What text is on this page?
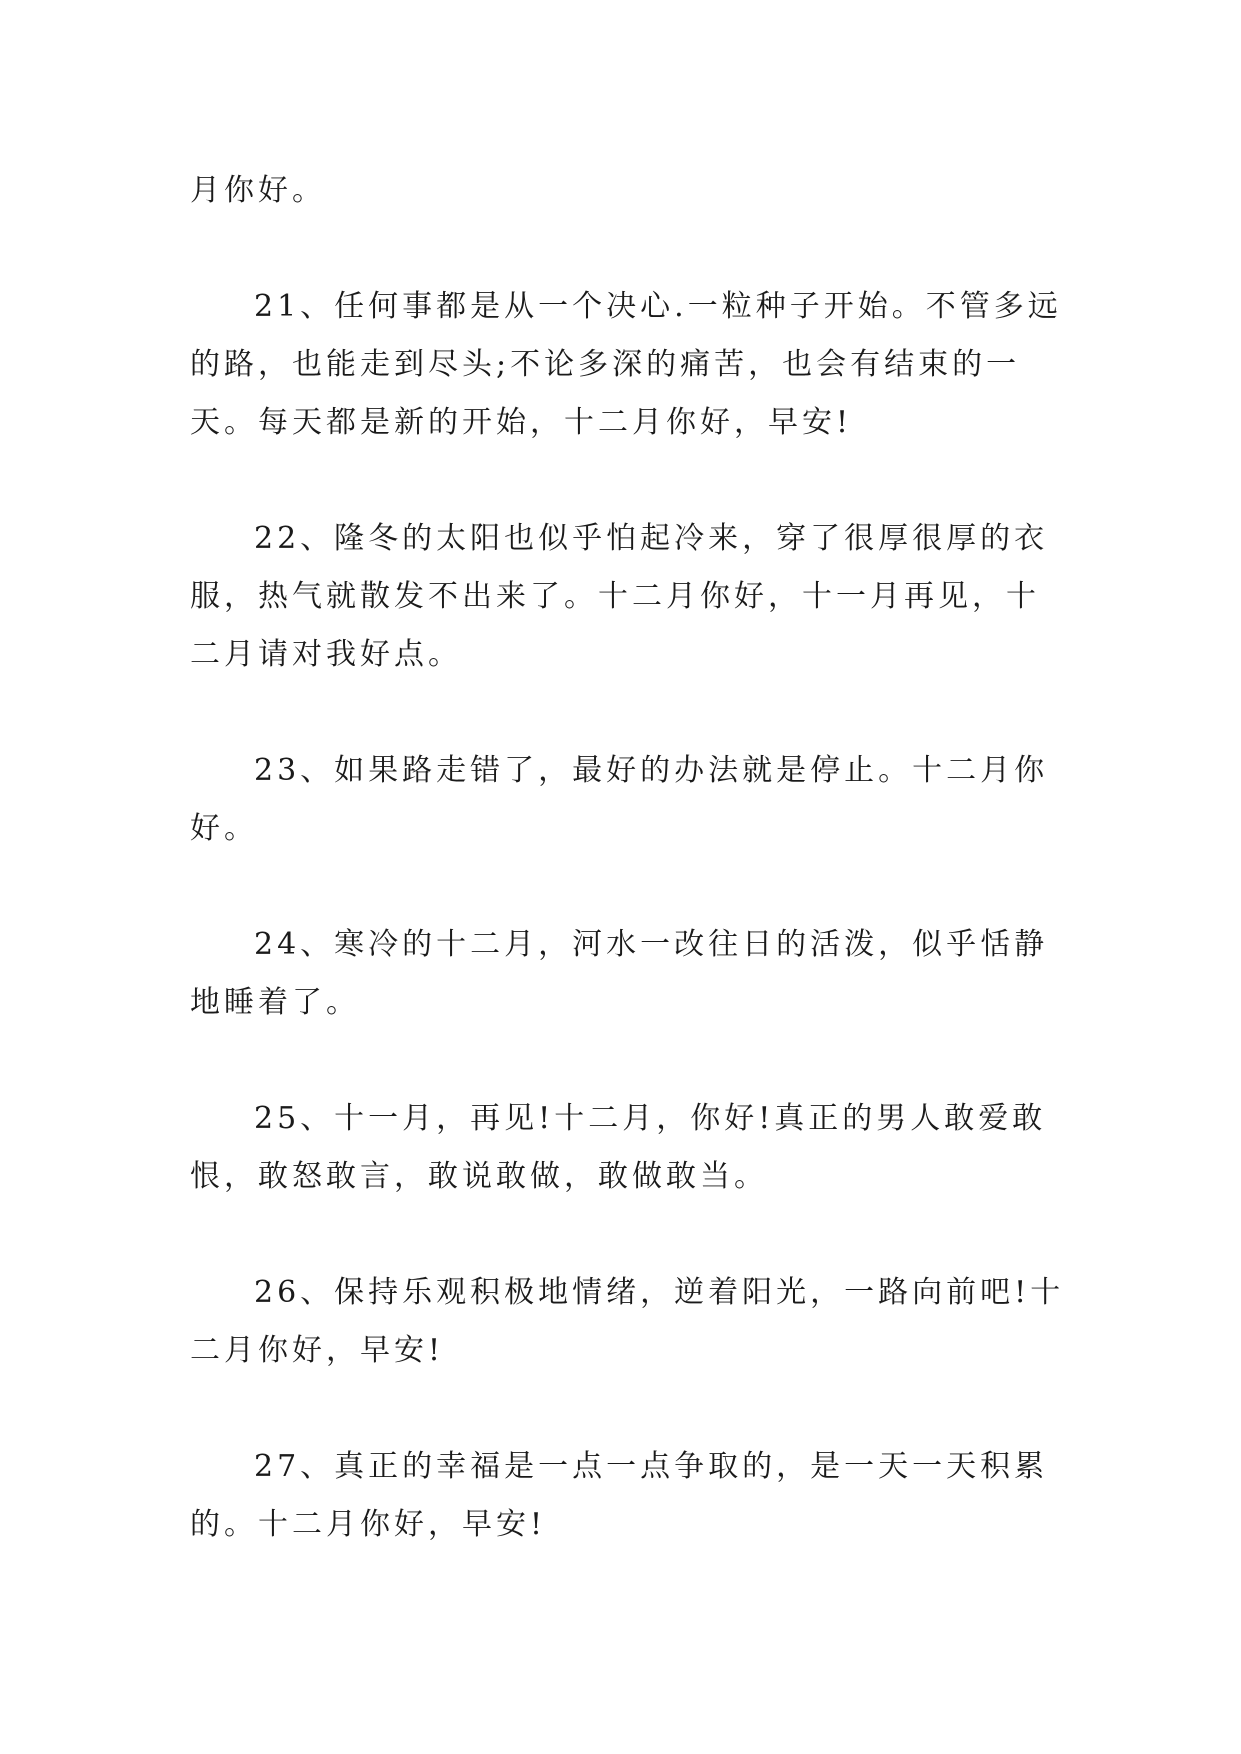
月你好。

21、任何事都是从一个决心.一粒种子开始。不管多远的路，也能走到尽头;不论多深的痛苦，也会有结束的一天。每天都是新的开始，十二月你好，早安!

22、隆冬的太阳也似乎怕起冷来，穿了很厚很厚的衣服，热气就散发不出来了。十二月你好，十一月再见，十二月请对我好点。

23、如果路走错了，最好的办法就是停止。十二月你好。

24、寒冷的十二月，河水一改往日的活泼，似乎恬静地睡着了。

25、十一月，再见!十二月，你好!真正的男人敢爱敢恨，敢怒敢言，敢说敢做，敢做敢当。

26、保持乐观积极地情绪，逆着阳光，一路向前吧!十二月你好，早安!

27、真正的幸福是一点一点争取的，是一天一天积累的。十二月你好，早安!
